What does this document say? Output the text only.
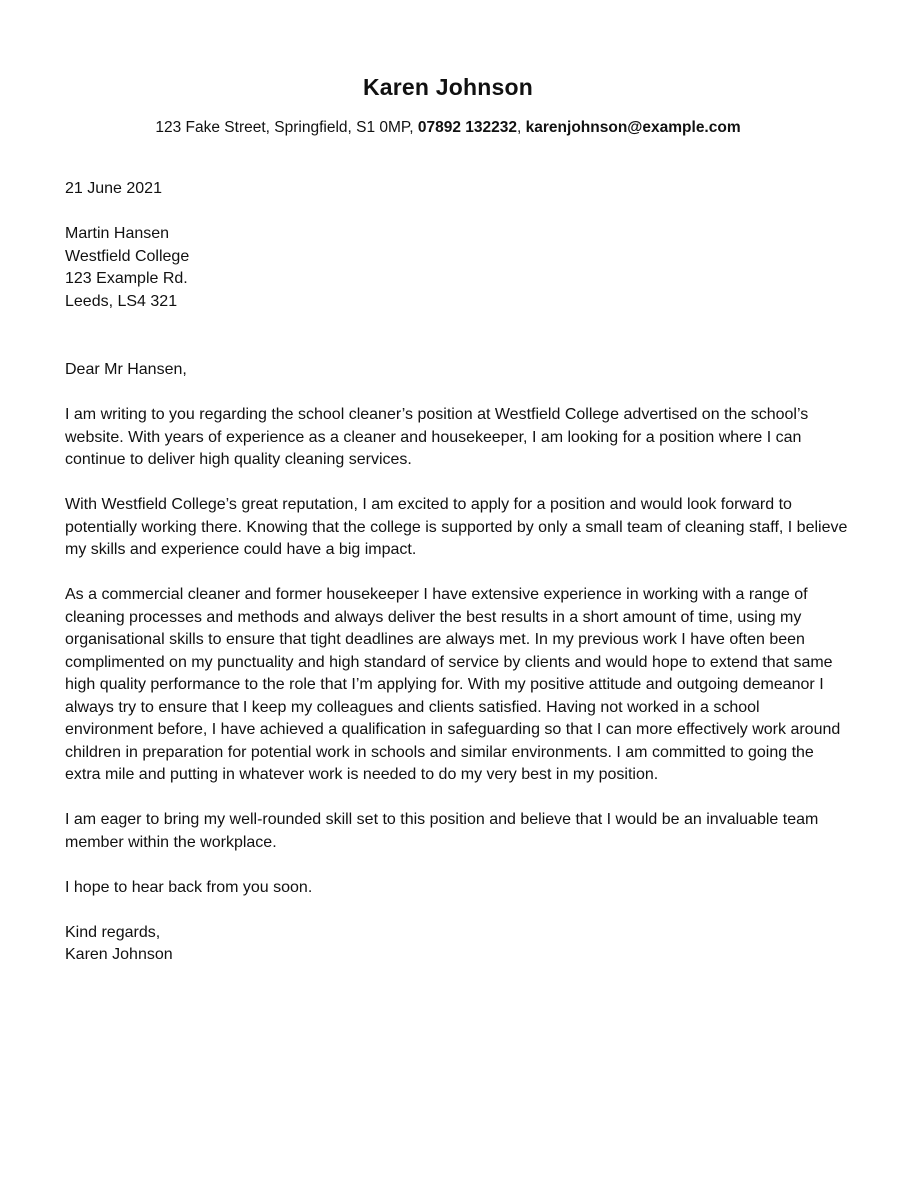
Karen Johnson
123 Fake Street, Springfield, S1 0MP, 07892 132232, karenjohnson@example.com
21 June 2021
Martin Hansen
Westfield College
123 Example Rd.
Leeds, LS4 321

Dear Mr Hansen,

I am writing to you regarding the school cleaner’s position at Westfield College advertised on the school’s website. With years of experience as a cleaner and housekeeper, I am looking for a position where I can continue to deliver high quality cleaning services.

With Westfield College’s great reputation, I am excited to apply for a position and would look forward to potentially working there. Knowing that the college is supported by only a small team of cleaning staff, I believe my skills and experience could have a big impact.

As a commercial cleaner and former housekeeper I have extensive experience in working with a range of cleaning processes and methods and always deliver the best results in a short amount of time, using my organisational skills to ensure that tight deadlines are always met. In my previous work I have often been complimented on my punctuality and high standard of service by clients and would hope to extend that same high quality performance to the role that I’m applying for. With my positive attitude and outgoing demeanor I always try to ensure that I keep my colleagues and clients satisfied. Having not worked in a school environment before, I have achieved a qualification in safeguarding so that I can more effectively work around children in preparation for potential work in schools and similar environments. I am committed to going the extra mile and putting in whatever work is needed to do my very best in my position.

I am eager to bring my well-rounded skill set to this position and believe that I would be an invaluable team member within the workplace.

I hope to hear back from you soon.

Kind regards,
Karen Johnson
